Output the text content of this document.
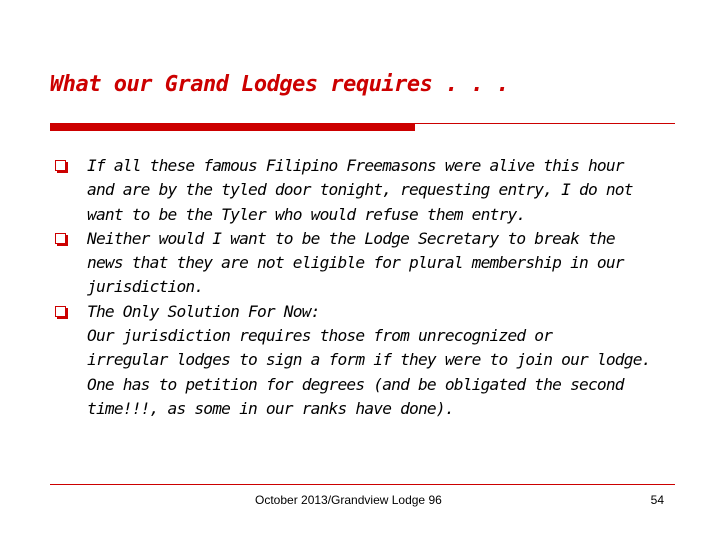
What our Grand Lodges requires . . .
If all these famous Filipino Freemasons were alive this hour
and are by the tyled door tonight, requesting entry, I do not
want to be the Tyler who would refuse them entry.
Neither would I want to be the Lodge Secretary to break the
news that they are not eligible for plural membership in our
jurisdiction.
The Only Solution For Now:
Our jurisdiction requires those from unrecognized or
irregular lodges to sign a form if they were to join our lodge.
One has to petition for degrees (and be obligated the second
time!!!, as some in our ranks have done).
October 2013/Grandview Lodge 96	54
